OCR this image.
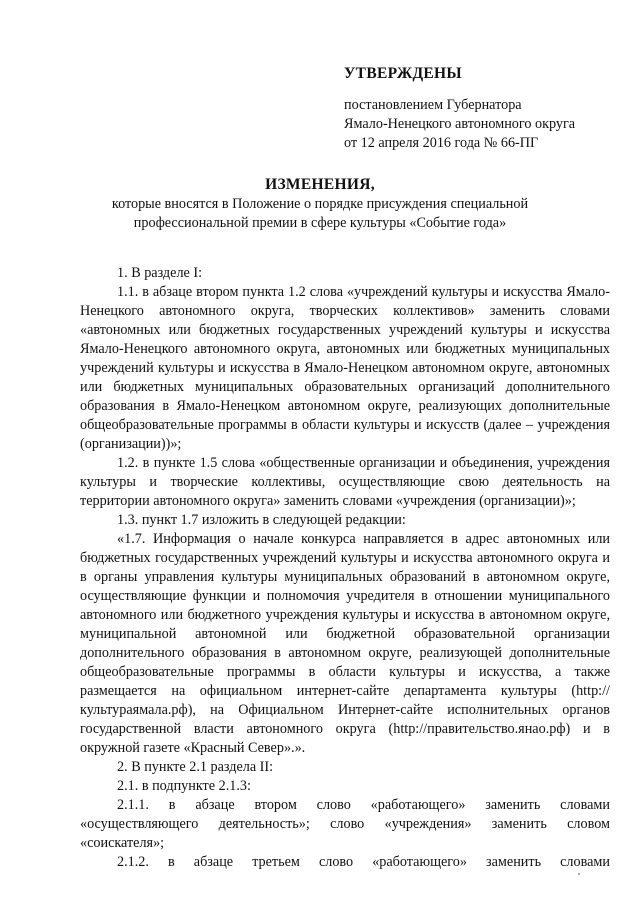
УТВЕРЖДЕНЫ
постановлением Губернатора
Ямало-Ненецкого автономного округа
от 12 апреля 2016 года № 66-ПГ
ИЗМЕНЕНИЯ,
которые вносятся в Положение о порядке присуждения специальной
профессиональной премии в сфере культуры «Событие года»

1. В разделе I:

1.1. в абзаце втором пункта 1.2 слова «учреждений культуры и искусства Ямало-Ненецкого автономного округа, творческих коллективов» заменить словами «автономных или бюджетных государственных учреждений культуры и искусства Ямало-Ненецкого автономного округа, автономных или бюджетных муниципальных учреждений культуры и искусства в Ямало-Ненецком автономном округе, автономных или бюджетных муниципальных образовательных организаций дополнительного образования в Ямало-Ненецком автономном округе, реализующих дополнительные общеобразовательные программы в области культуры и искусств (далее – учреждения (организации))»;

1.2. в пункте 1.5 слова «общественные организации и объединения, учреждения культуры и творческие коллективы, осуществляющие свою деятельность на территории автономного округа» заменить словами «учреждения (организации)»;

1.3. пункт 1.7 изложить в следующей редакции:

«1.7. Информация о начале конкурса направляется в адрес автономных или бюджетных государственных учреждений культуры и искусства автономного округа и в органы управления культуры муниципальных образований в автономном округе, осуществляющие функции и полномочия учредителя в отношении муниципального автономного или бюджетного учреждения культуры и искусства в автономном округе, муниципальной автономной или бюджетной образовательной организации дополнительного образования в автономном округе, реализующей дополнительные общеобразовательные программы в области культуры и искусства, а также размещается на официальном интернет-сайте департамента культуры (http://культураямала.рф), на Официальном Интернет-сайте исполнительных органов государственной власти автономного округа (http://правительство.янао.рф) и в окружной газете «Красный Север».».

2. В пункте 2.1 раздела II:

2.1. в подпункте 2.1.3:

2.1.1. в абзаце втором слово «работающего» заменить словами «осуществляющего деятельность»; слово «учреждения» заменить словом «соискателя»;

2.1.2. в абзаце третьем слово «работающего» заменить словами
